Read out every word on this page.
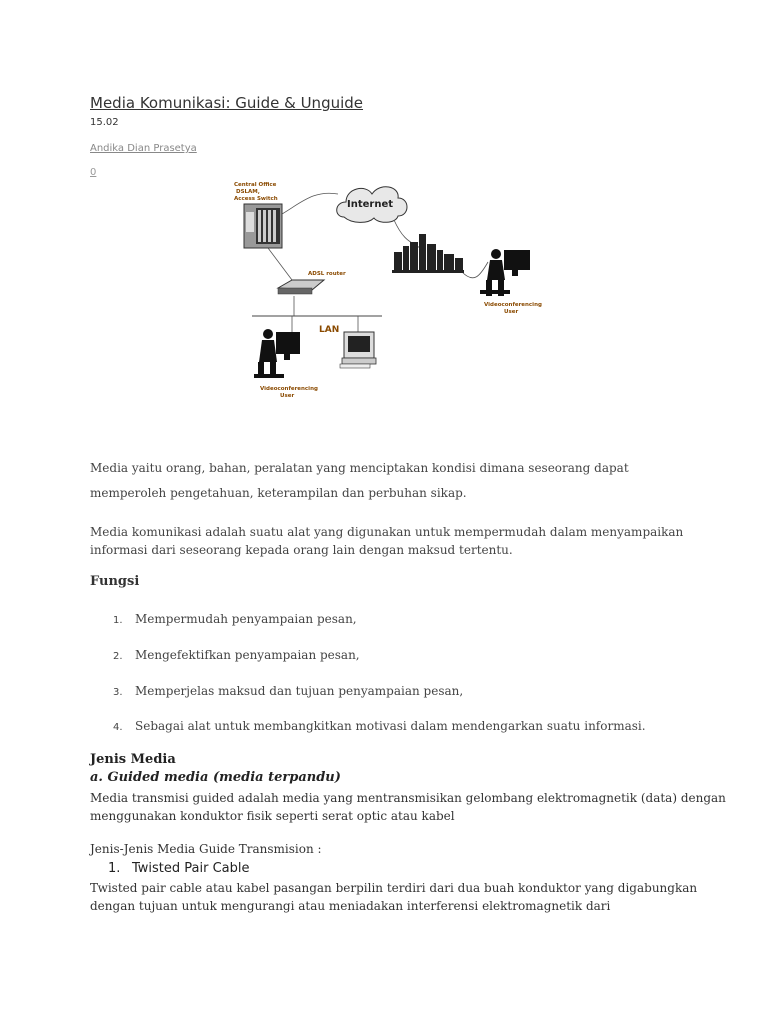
Media Komunikasi: Guide & Unguide
15.02
Andika Dian Prasetya
0
Central Office
DSLAM,
Access Switch	Internet
Videoconferencing
User
ADSL router
LAN
Videoconferencing
User
Media yaitu orang, bahan, peralatan yang menciptakan kondisi dimana seseorang dapat memperoleh pengetahuan, keterampilan dan perbuhan sikap.
Media komunikasi adalah suatu alat yang digunakan untuk mempermudah dalam menyampaikan informasi dari seseorang kepada orang lain dengan maksud tertentu.
Fungsi
1. Mempermudah penyampaian pesan,
2. Mengefektifkan penyampaian pesan,
3. Memperjelas maksud dan tujuan penyampaian pesan,
4. Sebagai alat untuk membangkitkan motivasi dalam mendengarkan suatu informasi.
Jenis Media
a. Guided media (media terpandu)
Media transmisi guided adalah media yang mentransmisikan gelombang elektromagnetik (data) dengan menggunakan konduktor fisik seperti serat optic atau kabel
Jenis-Jenis Media Guide Transmision :
1. Twisted Pair Cable
Twisted pair cable atau kabel pasangan berpilin terdiri dari dua buah konduktor yang digabungkan dengan tujuan untuk mengurangi atau meniadakan interferensi elektromagnetik dari
